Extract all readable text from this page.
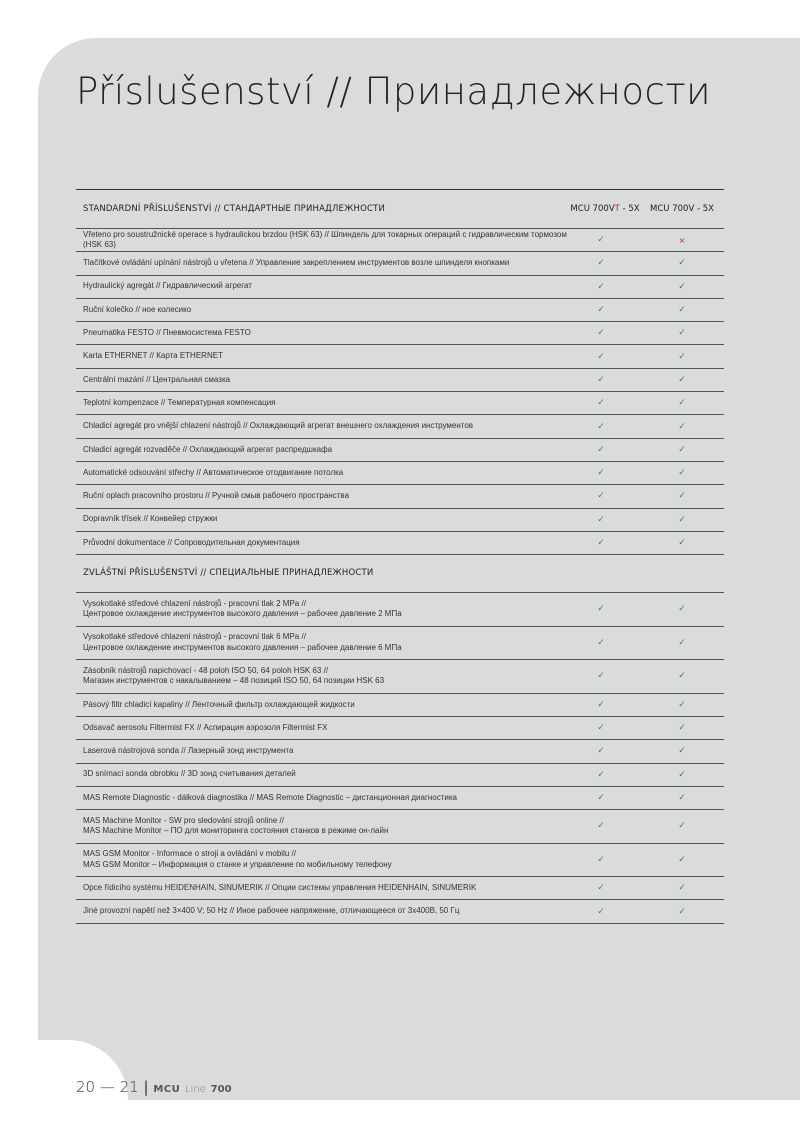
Příslušenství // Принадлежности
STANDARDNÍ PŘÍSLUŠENSTVÍ // СТАНДАРТНЫЕ ПРИНАДЛЕЖНОСТИ	MCU 700VT - 5X	MCU 700V - 5X
Vřeteno pro soustružnické operace s hydraulickou brzdou (HSK 63) // Шпиндель для токарных операций с гидравлическим тормозом (HSK 63)	✓	×
Tlačítkové ovládání upínání nástrojů u vřetena // Управление закреплением инструментов возле шпинделя кнопками	✓	✓
Hydraulický agregát // Гидравлический агрегат	✓	✓
Ruční kolečko // ное колесико	✓	✓
Pneumatika FESTO // Пневмосистема FESTO	✓	✓
Karta ETHERNET // Карта ETHERNET	✓	✓
Centrální mazání // Центральная смазка	✓	✓
Teplotní kompenzace // Температурная компенсация	✓	✓
Chladicí agregát pro vnější chlazení nástrojů // Охлаждающий агрегат внешнего охлаждения инструментов	✓	✓
Chladicí agregát rozvaděče // Охлаждающий агрегат распредшкафа	✓	✓
Automatické odsouvání střechy // Автоматическое отодвигание потолка	✓	✓
Ruční oplach pracovního prostoru // Ручной смыв рабочего пространства	✓	✓
Dopravník třísek // Конвейер стружки	✓	✓
Průvodní dokumentace // Сопроводительная документация	✓	✓
ZVLÁŠTNÍ PŘÍSLUŠENSTVÍ // СПЕЦИАЛЬНЫЕ ПРИНАДЛЕЖНОСТИ
Vysokotlaké středové chlazení nástrojů - pracovní tlak 2 MPa //
Центровое охлаждение инструментов высокого давления – рабочее давление 2 МПа	✓	✓
Vysokotlaké středové chlazení nástrojů - pracovní tlak 6 MPa //
Центровое охлаждение инструментов высокого давления – рабочее давление 6 МПа	✓	✓
Zásobník nástrojů napichovací - 48 poloh ISO 50, 64 poloh HSK 63 //
Магазин инструментов с накалыванием – 48 позиций ISO 50, 64 позиции HSK 63	✓	✓
Pásový filtr chladicí kapaliny // Ленточный фильтр охлаждающей жидкости	✓	✓
Odsavač aerosolu Filtermist FX // Аспирация аэрозоля Filtermist FX	✓	✓
Laserová nástrojová sonda // Лазерный зонд инструмента	✓	✓
3D snímací sonda obrobku // 3D зонд считывания деталей	✓	✓
MAS Remote Diagnostic - dálková diagnostika // MAS Remote Diagnostic – дистанционная диагностика	✓	✓
MAS Machine Monitor - SW pro sledování strojů online //
MAS Machine Monitor – ПО для мониторинга состояния станков в режиме он-лайн	✓	✓
MAS GSM Monitor - Informace o stroji a ovládání v mobilu //
MAS GSM Monitor – Информация о станке и управление по мобильному телефону	✓	✓
Opce řídicího systému HEIDENHAIN, SINUMERIK // Опции системы управления HEIDENHAIN, SINUMERIK	✓	✓
Jiné provozní napětí než 3×400 V; 50 Hz // Иное рабочее напряжение, отличающееся от 3x400В, 50 Гц	✓	✓
20 — 21 | MCU Line 700
